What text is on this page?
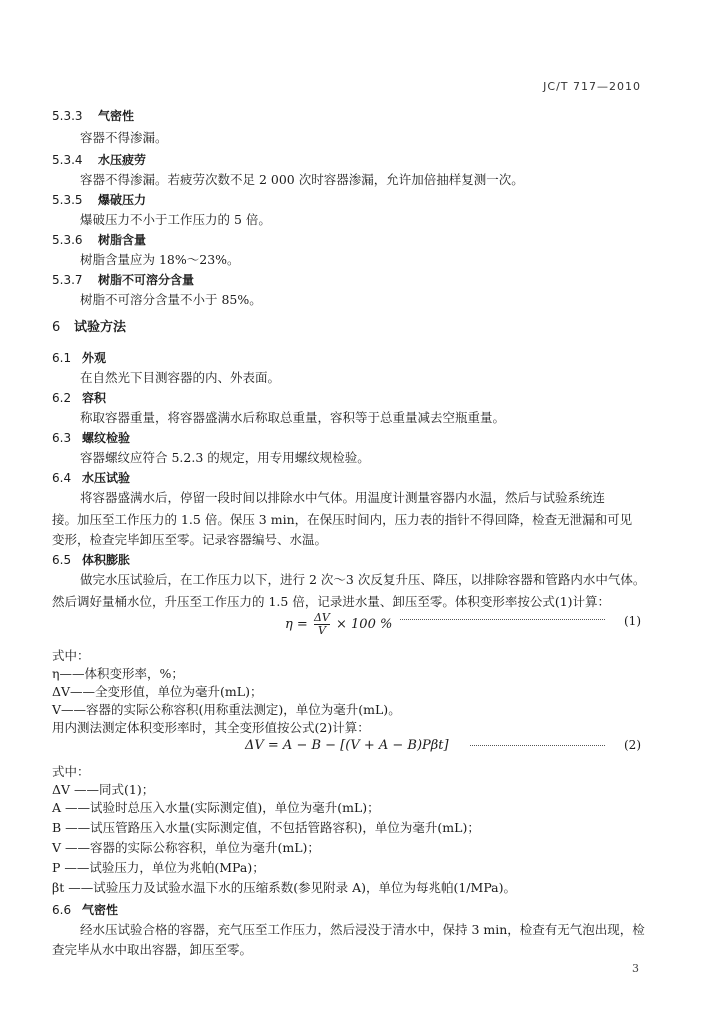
JC/T 717—2010
5.3.3 气密性
容器不得渗漏。
5.3.4 水压疲劳
容器不得渗漏。若疲劳次数不足 2 000 次时容器渗漏，允许加倍抽样复测一次。
5.3.5 爆破压力
爆破压力不小于工作压力的 5 倍。
5.3.6 树脂含量
树脂含量应为 18%～23%。
5.3.7 树脂不可溶分含量
树脂不可溶分含量不小于 85%。
6 试验方法
6.1 外观
在自然光下目测容器的内、外表面。
6.2 容积
称取容器重量，将容器盛满水后称取总重量，容积等于总重量减去空瓶重量。
6.3 螺纹检验
容器螺纹应符合 5.2.3 的规定，用专用螺纹规检验。
6.4 水压试验
将容器盛满水后，停留一段时间以排除水中气体。用温度计测量容器内水温，然后与试验系统连
接。加压至工作压力的 1.5 倍。保压 3 min，在保压时间内，压力表的指针不得回降，检查无泄漏和可见
变形，检查完毕卸压至零。记录容器编号、水温。
6.5 体积膨胀
做完水压试验后，在工作压力以下，进行 2 次～3 次反复升压、降压，以排除容器和管路内水中气体。
然后调好量桶水位，升压至工作压力的 1.5 倍，记录进水量、卸压至零。体积变形率按公式(1)计算：
$\eta = \frac{\Delta V}{V} \times 100$ %	(1)
式中：
η——体积变形率，%；
ΔV——全变形值，单位为毫升(mL)；
V——容器的实际公称容积(用称重法测定)，单位为毫升(mL)。
用内测法测定体积变形率时，其全变形值按公式(2)计算：
ΔV = A − B − [(V + A − B)Pβt]	(2)
式中：
ΔV ——同式(1)；
A ——试验时总压入水量(实际测定值)，单位为毫升(mL)；
B ——试压管路压入水量(实际测定值，不包括管路容积)，单位为毫升(mL)；
V ——容器的实际公称容积，单位为毫升(mL)；
P ——试验压力，单位为兆帕(MPa)；
βt ——试验压力及试验水温下水的压缩系数(参见附录 A)，单位为每兆帕(1/MPa)。
6.6 气密性
经水压试验合格的容器，充气压至工作压力，然后浸没于清水中，保持 3 min，检查有无气泡出现，检
查完毕从水中取出容器，卸压至零。
3
